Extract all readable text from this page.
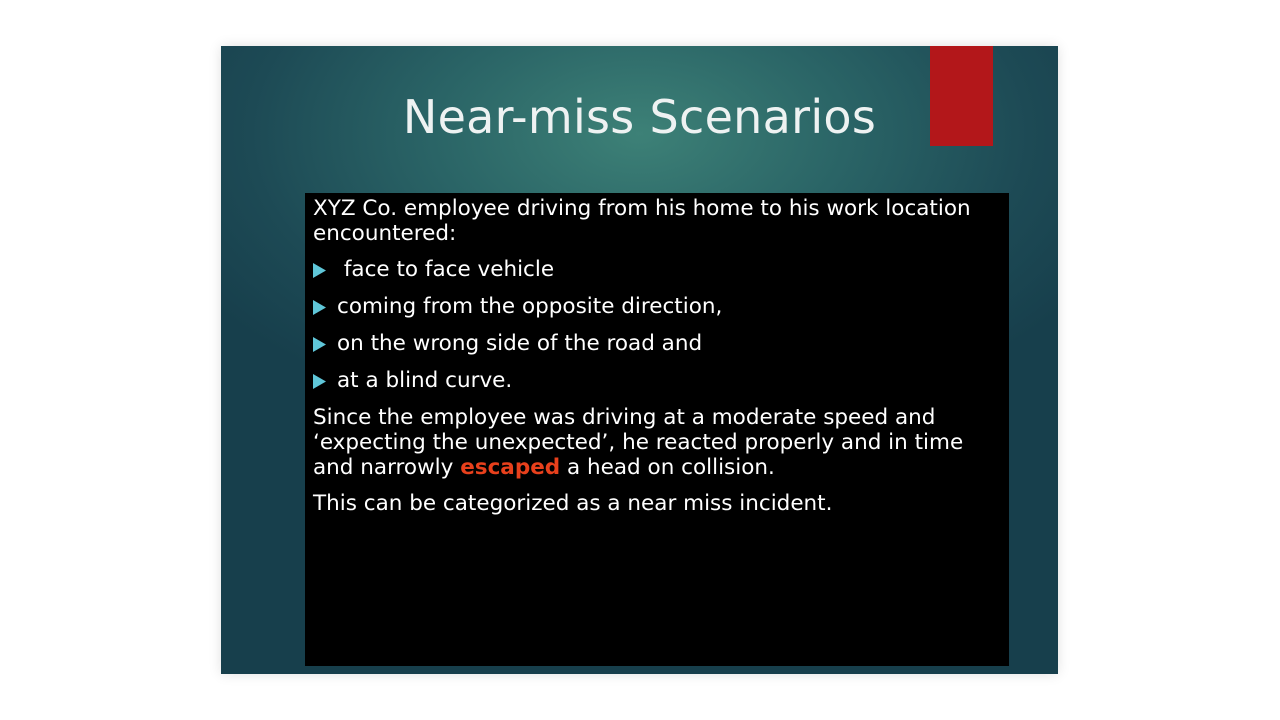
Near-miss Scenarios

XYZ Co. employee driving from his home to his work location encountered:

face to face vehicle
coming from the opposite direction,
on the wrong side of the road and
at a blind curve.

Since the employee was driving at a moderate speed and ‘expecting the unexpected’, he reacted properly and in time and narrowly escaped a head on collision.

This can be categorized as a near miss incident.
